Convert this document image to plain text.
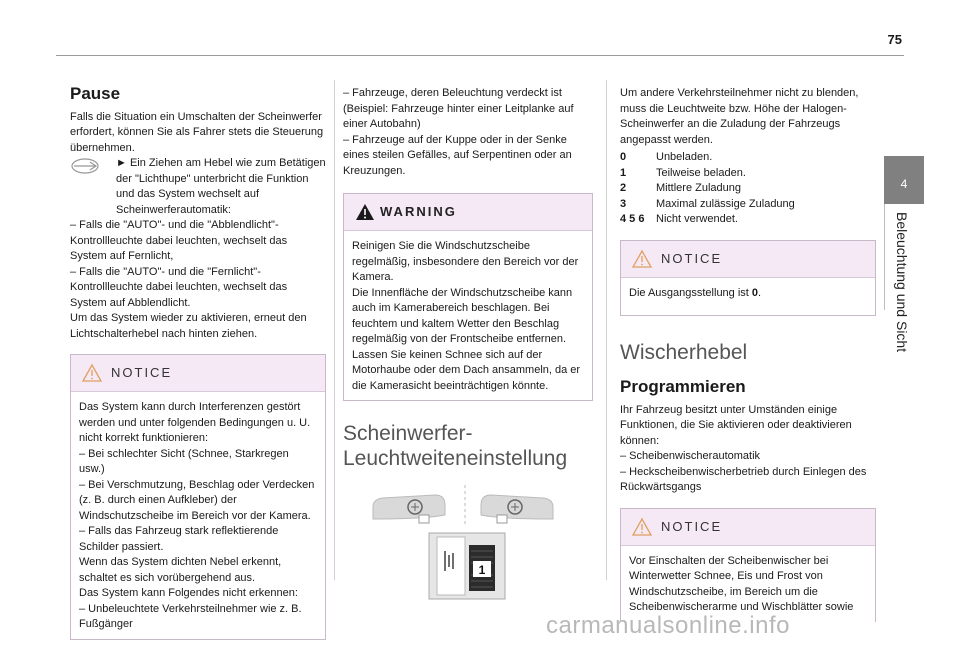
75
4
Beleuchtung und Sicht
Pause

Falls die Situation ein Umschalten der Scheinwerfer erfordert, können Sie als Fahrer stets die Steuerung übernehmen.

► Ein Ziehen am Hebel wie zum Betätigen der "Lichthupe" unterbricht die Funktion und das System wechselt auf Scheinwerferautomatik:

– Falls die "AUTO"- und die "Abblendlicht"-Kontrollleuchte dabei leuchten, wechselt das System auf Fernlicht,

– Falls die "AUTO"- und die "Fernlicht"-Kontrollleuchte dabei leuchten, wechselt das System auf Abblendlicht.

Um das System wieder zu aktivieren, erneut den Lichtschalterhebel nach hinten ziehen.

NOTICE

Das System kann durch Interferenzen gestört werden und unter folgenden Bedingungen u. U. nicht korrekt funktionieren:

– Bei schlechter Sicht (Schnee, Starkregen usw.)

– Bei Verschmutzung, Beschlag oder Verdecken (z. B. durch einen Aufkleber) der Windschutzscheibe im Bereich vor der Kamera.

– Falls das Fahrzeug stark reflektierende Schilder passiert.

Wenn das System dichten Nebel erkennt, schaltet es sich vorübergehend aus.

Das System kann Folgendes nicht erkennen:

– Unbeleuchtete Verkehrsteilnehmer wie z. B. Fußgänger

– Fahrzeuge, deren Beleuchtung verdeckt ist (Beispiel: Fahrzeuge hinter einer Leitplanke auf einer Autobahn)

– Fahrzeuge auf der Kuppe oder in der Senke eines steilen Gefälles, auf Serpentinen oder an Kreuzungen.

WARNING

Reinigen Sie die Windschutzscheibe regelmäßig, insbesondere den Bereich vor der Kamera.

Die Innenfläche der Windschutzscheibe kann auch im Kamerabereich beschlagen. Bei feuchtem und kaltem Wetter den Beschlag regelmäßig von der Frontscheibe entfernen.

Lassen Sie keinen Schnee sich auf der Motorhaube oder dem Dach ansammeln, da er die Kamerasicht beeinträchtigen könnte.

Scheinwerfer-Leuchtweiteneinstellung
1

Um andere Verkehrsteilnehmer nicht zu blenden, muss die Leuchtweite bzw. Höhe der Halogen-Scheinwerfer an die Zuladung der Fahrzeugs angepasst werden.

0	Unbeladen.
1	Teilweise beladen.
2	Mittlere Zuladung
3	Maximal zulässige Zuladung
4 5 6	Nicht verwendet.
NOTICE
Die Ausgangsstellung ist 0.
Wischerhebel
Programmieren

Ihr Fahrzeug besitzt unter Umständen einige Funktionen, die Sie aktivieren oder deaktivieren können:

– Scheibenwischerautomatik

– Heckscheibenwischerbetrieb durch Einlegen des Rückwärtsgangs

NOTICE

Vor Einschalten der Scheibenwischer bei Winterwetter Schnee, Eis und Frost von Windschutzscheibe, im Bereich um die Scheibenwischerarme und Wischblätter sowie

carmanualsonline.info
